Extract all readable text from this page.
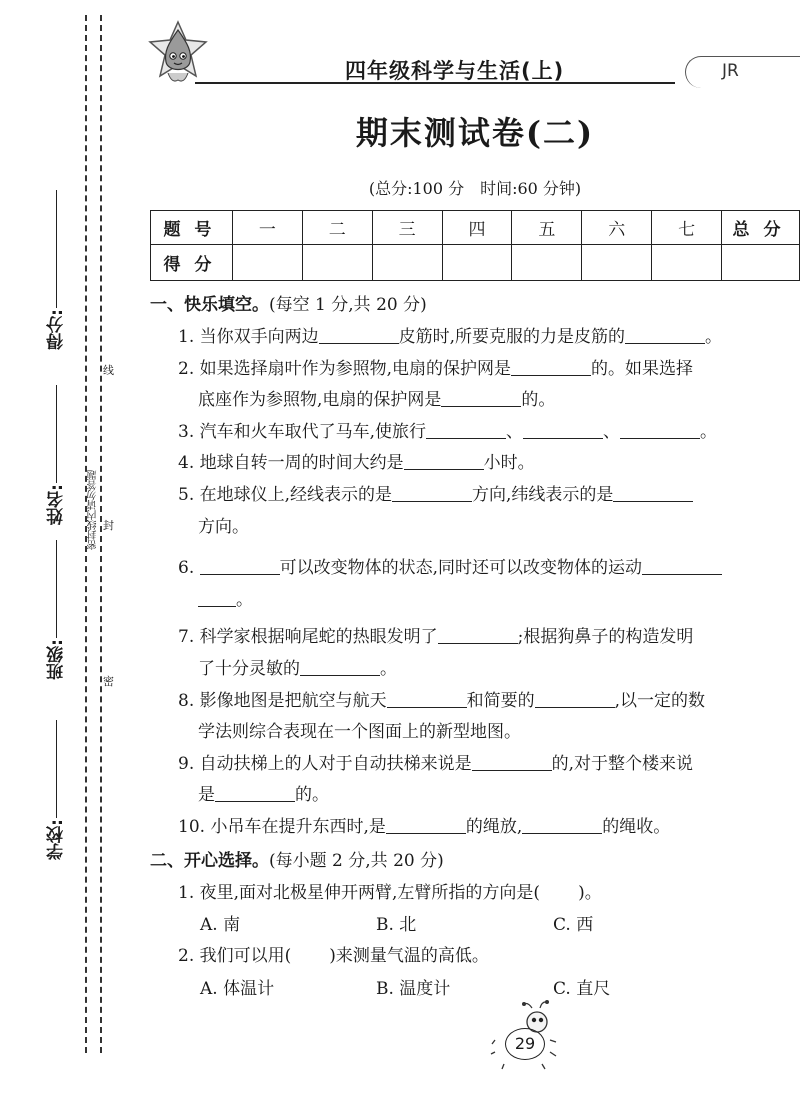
线
封
密
密封线内请勿答题
学校:
班级:
姓名:
得分:
四年级科学与生活(上)	JR
期末测试卷(二)
(总分:100 分　时间:60 分钟)
题号	一	二	三	四	五	六	七	总分
得分								
一、快乐填空。(每空 1 分,共 20 分)
1. 当你双手向两边	皮筋时,所要克服的力是皮筋的	。
2. 如果选择扇叶作为参照物,电扇的保护网是	的。如果选择
底座作为参照物,电扇的保护网是	的。
3. 汽车和火车取代了马车,使旅行	、	、	。
4. 地球自转一周的时间大约是	小时。
5. 在地球仪上,经线表示的是	方向,纬线表示的是
方向。
6.	可以改变物体的状态,同时还可以改变物体的运动
。
7. 科学家根据响尾蛇的热眼发明了	;根据狗鼻子的构造发明
了十分灵敏的	。
8. 影像地图是把航空与航天	和简要的	,以一定的数
学法则综合表现在一个图面上的新型地图。
9. 自动扶梯上的人对于自动扶梯来说是	的,对于整个楼来说
是	的。
10. 小吊车在提升东西时,是	的绳放,	的绳收。
二、开心选择。(每小题 2 分,共 20 分)
1. 夜里,面对北极星伸开两臂,左臂所指的方向是( )。
A. 南	B. 北	C. 西
2. 我们可以用( )来测量气温的高低。
A. 体温计	B. 温度计	C. 直尺
29
